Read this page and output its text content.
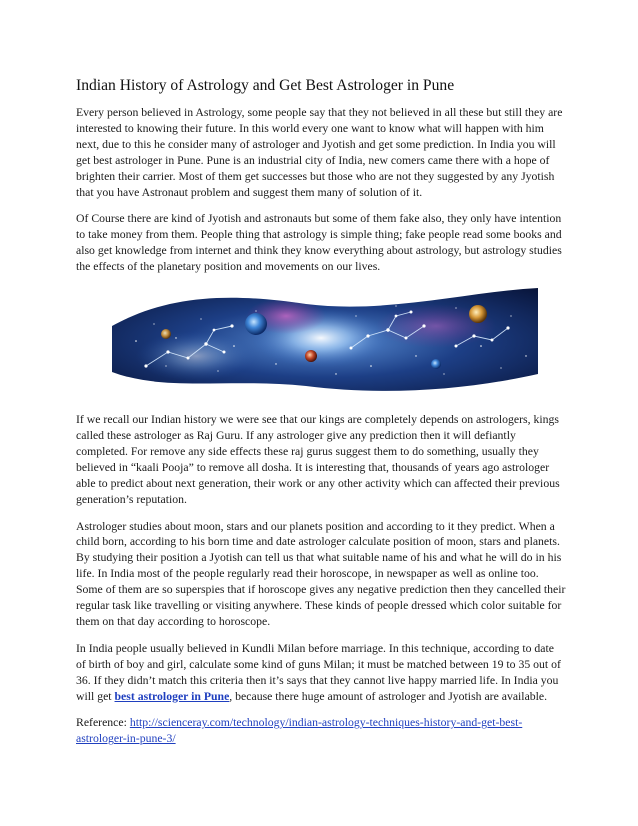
Indian History of Astrology and Get Best Astrologer in Pune

Every person believed in Astrology, some people say that they not believed in all these but still they are interested to knowing their future. In this world every one want to know what will happen with him next, due to this he consider many of astrologer and Jyotish and get some prediction. In India you will get best astrologer in Pune. Pune is an industrial city of India, new comers came there with a hope of brighten their carrier. Most of them get successes but those who are not they suggested by any Jyotish that you have Astronaut problem and suggest them many of solution of it.

Of Course there are kind of Jyotish and astronauts but some of them fake also, they only have intention to take money from them. People thing that astrology is simple thing; fake people read some books and also get knowledge from internet and think they know everything about astrology, but astrology studies the effects of the planetary position and movements on our lives.

If we recall our Indian history we were see that our kings are completely depends on astrologers, kings called these astrologer as Raj Guru. If any astrologer give any prediction then it will defiantly completed. For remove any side effects these raj gurus suggest them to do something, usually they believed in “kaali Pooja” to remove all dosha. It is interesting that, thousands of years ago astrologer able to predict about next generation, their work or any other activity which can affected their previous generation’s reputation.

Astrologer studies about moon, stars and our planets position and according to it they predict. When a child born, according to his born time and date astrologer calculate position of moon, stars and planets. By studying their position a Jyotish can tell us that what suitable name of his and what he will do in his life. In India most of the people regularly read their horoscope, in newspaper as well as online too. Some of them are so superspies that if horoscope gives any negative prediction then they cancelled their regular task like travelling or visiting anywhere. These kinds of people dressed which color suitable for them on that day according to horoscope.

In India people usually believed in Kundli Milan before marriage. In this technique, according to date of birth of boy and girl, calculate some kind of guns Milan; it must be matched between 19 to 35 out of 36. If they didn’t match this criteria then it’s says that they cannot live happy married life. In India you will get best astrologer in Pune, because there huge amount of astrologer and Jyotish are available.

Reference: http://scienceray.com/technology/indian-astrology-techniques-history-and-get-best-astrologer-in-pune-3/
